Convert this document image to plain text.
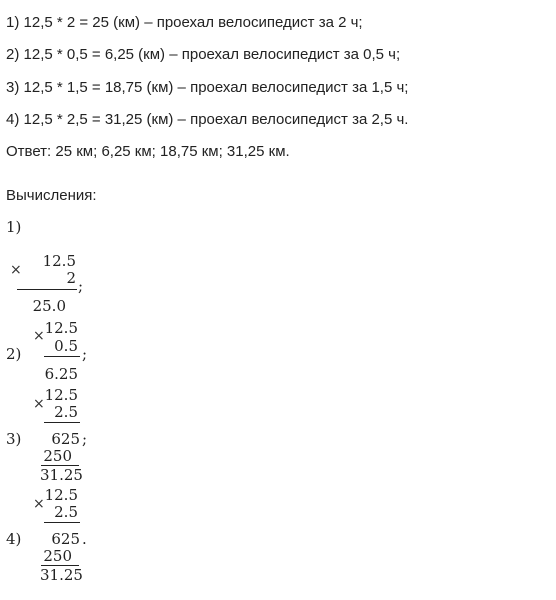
1) 12,5 * 2 = 25 (км) – проехал велосипедист за 2 ч;
2) 12,5 * 0,5 = 6,25 (км) – проехал велосипедист за 0,5 ч;
3) 12,5 * 1,5 = 18,75 (км) – проехал велосипедист за 1,5 ч;
4) 12,5 * 2,5 = 31,25 (км) – проехал велосипедист за 2,5 ч.
Ответ: 25 км; 6,25 км; 18,75 км; 31,25 км.
Вычисления:
1)
×	12.5
2 ;
25.0
× 12.5
0.5
2)	;
6.25
× 12.5
2.5
3)	625 ;
250
31.25
× 12.5
2.5
4)	625 .
250
31.25
